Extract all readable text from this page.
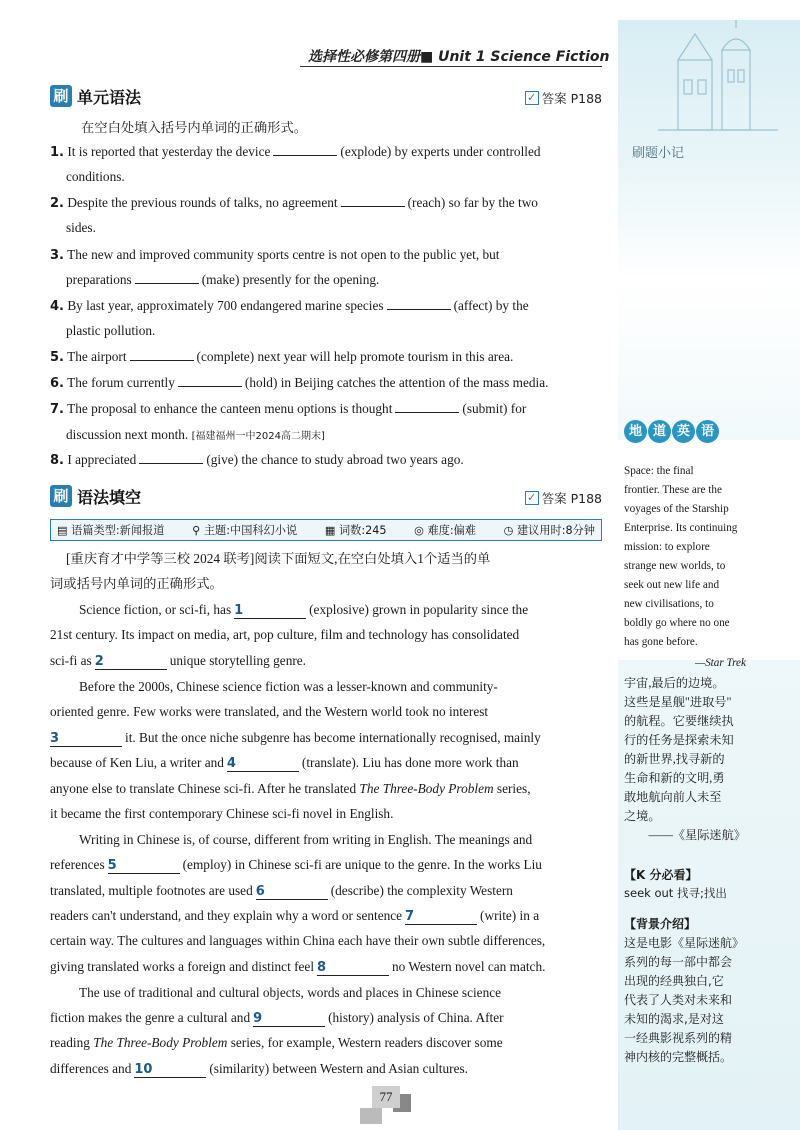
刷题小记
选择性必修第四册■ Unit 1 Science Fiction
刷 单元语法	✓ 答案 P188
在空白处填入括号内单词的正确形式。
1. It is reported that yesterday the device	(explode) by experts under controlled
conditions.
2. Despite the previous rounds of talks, no agreement	(reach) so far by the two
sides.
3. The new and improved community sports centre is not open to the public yet, but
preparations	(make) presently for the opening.
4. By last year, approximately 700 endangered marine species	(affect) by the
plastic pollution.
5. The airport	(complete) next year will help promote tourism in this area.
6. The forum currently	(hold) in Beijing catches the attention of the mass media.
7. The proposal to enhance the canteen menu options is thought	(submit) for
discussion next month. [福建福州一中2024高二期末]
8. I appreciated	(give) the chance to study abroad two years ago.
刷 语法填空	✓ 答案 P188
▤ 语篇类型:新闻报道 ⚲ 主题:中国科幻小说 ▦ 词数:245 ◎ 难度:偏难 ◷ 建议用时:8分钟
[重庆育才中学等三校 2024 联考]阅读下面短文,在空白处填入1个适当的单
词或括号内单词的正确形式。
Science fiction, or sci-fi, has 1	(explosive) grown in popularity since the
21st century. Its impact on media, art, pop culture, film and technology has consolidated
sci-fi as 2	unique storytelling genre.
Before the 2000s, Chinese science fiction was a lesser-known and community-
oriented genre. Few works were translated, and the Western world took no interest
3	it. But the once niche subgenre has become internationally recognised, mainly
because of Ken Liu, a writer and 4	(translate). Liu has done more work than
anyone else to translate Chinese sci-fi. After he translated The Three-Body Problem series,
it became the first contemporary Chinese sci-fi novel in English.
Writing in Chinese is, of course, different from writing in English. The meanings and
references 5	(employ) in Chinese sci-fi are unique to the genre. In the works Liu
translated, multiple footnotes are used 6	(describe) the complexity Western
readers can't understand, and they explain why a word or sentence 7	(write) in a
certain way. The cultures and languages within China each have their own subtle differences,
giving translated works a foreign and distinct feel 8	no Western novel can match.
The use of traditional and cultural objects, words and places in Chinese science
fiction makes the genre a cultural and 9	(history) analysis of China. After
reading The Three-Body Problem series, for example, Western readers discover some
differences and 10	(similarity) between Western and Asian cultures.
地 道 英 语
Space: the final
frontier. These are the
voyages of the Starship
Enterprise. Its continuing
mission: to explore
strange new worlds, to
seek out new life and
new civilisations, to
boldly go where no one
has gone before.
—Star Trek
宇宙,最后的边境。
这些是星舰"进取号"
的航程。它要继续执
行的任务是探索未知
的新世界,找寻新的
生命和新的文明,勇
敢地航向前人未至
之境。
——《星际迷航》
【K 分必看】
seek out 找寻;找出
【背景介绍】
这是电影《星际迷航》
系列的每一部中都会
出现的经典独白,它
代表了人类对未来和
未知的渴求,是对这
一经典影视系列的精
神内核的完整概括。
77
